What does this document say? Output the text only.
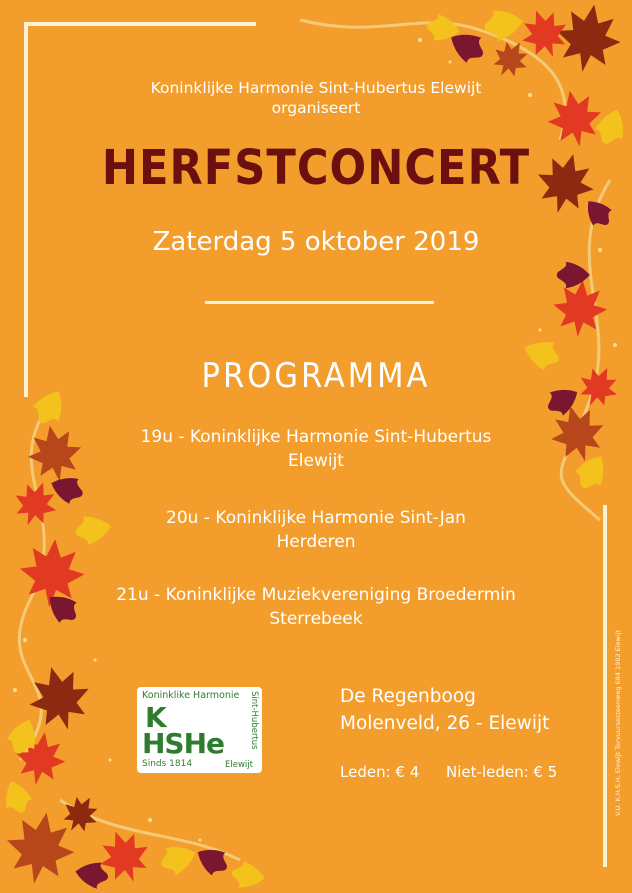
Koninklijke Harmonie Sint-Hubertus Elewijt
organiseert
HERFSTCONCERT
Zaterdag 5 oktober 2019
PROGRAMMA
19u - Koninklijke Harmonie Sint-Hubertus
Elewijt
20u - Koninklijke Harmonie Sint-Jan
Herderen
21u - Koninklijke Muziekvereniging Broedermin
Sterrebeek
Koninklike Harmonie
K
HSHe
Sinds 1814
Sint-Hubertus
Elewijt
De Regenboog
Molenveld, 26 - Elewijt
Leden: € 4 Niet-leden: € 5	V.U. K.H.S.H. Elewijt Tervuursesteenweg 684 1982 Elewijt
